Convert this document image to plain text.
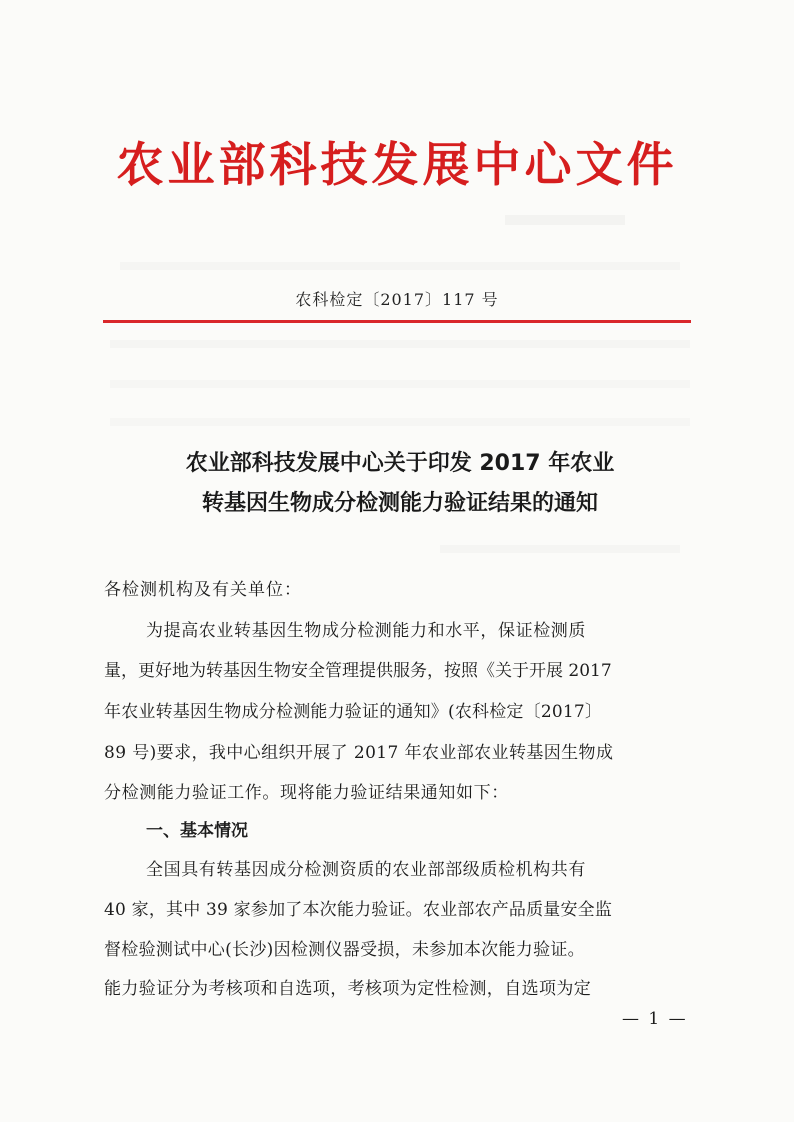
农业部科技发展中心文件
农科检定〔2017〕117 号
农业部科技发展中心关于印发 2017 年农业
转基因生物成分检测能力验证结果的通知
各检测机构及有关单位：
为提高农业转基因生物成分检测能力和水平，保证检测质
量，更好地为转基因生物安全管理提供服务，按照《关于开展 2017
年农业转基因生物成分检测能力验证的通知》(农科检定〔2017〕
89 号)要求，我中心组织开展了 2017 年农业部农业转基因生物成
分检测能力验证工作。现将能力验证结果通知如下：
一、基本情况
全国具有转基因成分检测资质的农业部部级质检机构共有
40 家，其中 39 家参加了本次能力验证。农业部农产品质量安全监
督检验测试中心(长沙)因检测仪器受损，未参加本次能力验证。
能力验证分为考核项和自选项，考核项为定性检测，自选项为定
— 1 —
